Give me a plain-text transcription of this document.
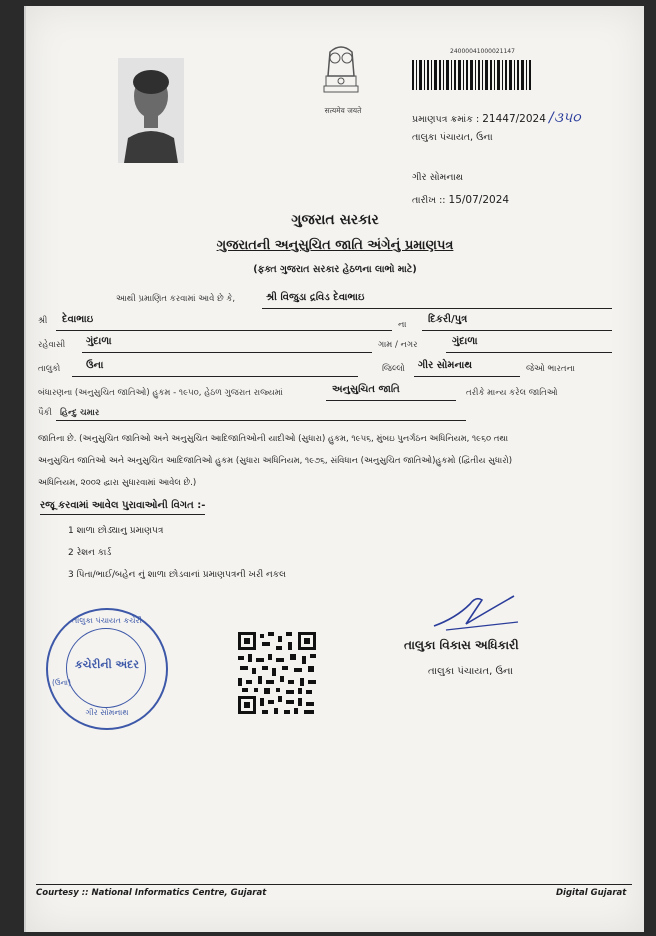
सत्यमेव जयते
24000041000021147
પ્રમાણપત્ર ક્રમાંક : 21447/2024 /૩૫૦
તાલુકા પંચાયત, ઉના
ગીર સોમનાથ
તારીખ :: 15/07/2024
ગુજરાત સરકાર
ગુજરાતની અનુસુચિત જાતિ અંગેનું પ્રમાણપત્ર
(ફક્ત ગુજરાત સરકાર હેઠળના લાભો માટે)
આથી પ્રમાણિત કરવામાં આવે છે કે,	શ્રી વિજુડા દ્રવિડ દેવાભાઇ
શ્રી દેવાભાઇ	ના દિકરી/પુત્ર
રહેવાસી ગુંદાળા	ગામ / નગર	ગુંદાળા
તાલુકો	ઉના	જિલ્લો ગીર સોમનાથ	જેઓ ભારતના
બંધારણના (અનુસુચિત જાતિઓ) હુકમ - ૧૯૫૦, હેઠળ ગુજરાત રાજ્યમાં	અનુસુચિત જાતિ	તરીકે માન્ય કરેલ જાતિઓ
પૈકી હિન્દુ ચમાર
જાતિના છે. (અનુસુચિત જાતિઓ અને અનુસુચિત આદિજાતિઓની યાદીઓ (સુધારા) હુકમ, ૧૯૫૬, મુંબઇ પુનર્ગઠન અધિનિયમ, ૧૯૬૦ તથા
અનુસુચિત જાતિઓ અને અનુસુચિત આદિજાતિઓ હુકમ (સુધારા અધિનિયમ, ૧૯૭૬, સંવિધાન (અનુસુચિત જાતિઓ)હુકમો (દ્વિતીય સુધારો)
અધિનિયમ, ૨૦૦૨ દ્વારા સુધારવામાં આવેલ છે.)
રજૂ કરવામાં આવેલ પુરાવાઓની વિગત :-
1 શાળા છોડ્યાનુ પ્રમાણપત્ર
2 રેશન કાર્ડ
3 પિતા/ભાઈ/બહેન નું શાળા છોડવાનાં પ્રમાણપત્રની ખરી નકલ
તાલુકા પંચાયત કચેરી
કચેરીની અંદર
(ઉના)
ગીર સોમનાથ
તાલુકા વિકાસ અધિકારી
તાલુકા પંચાયત, ઉના
Courtesy :: National Informatics Centre, Gujarat	Digital Gujarat
